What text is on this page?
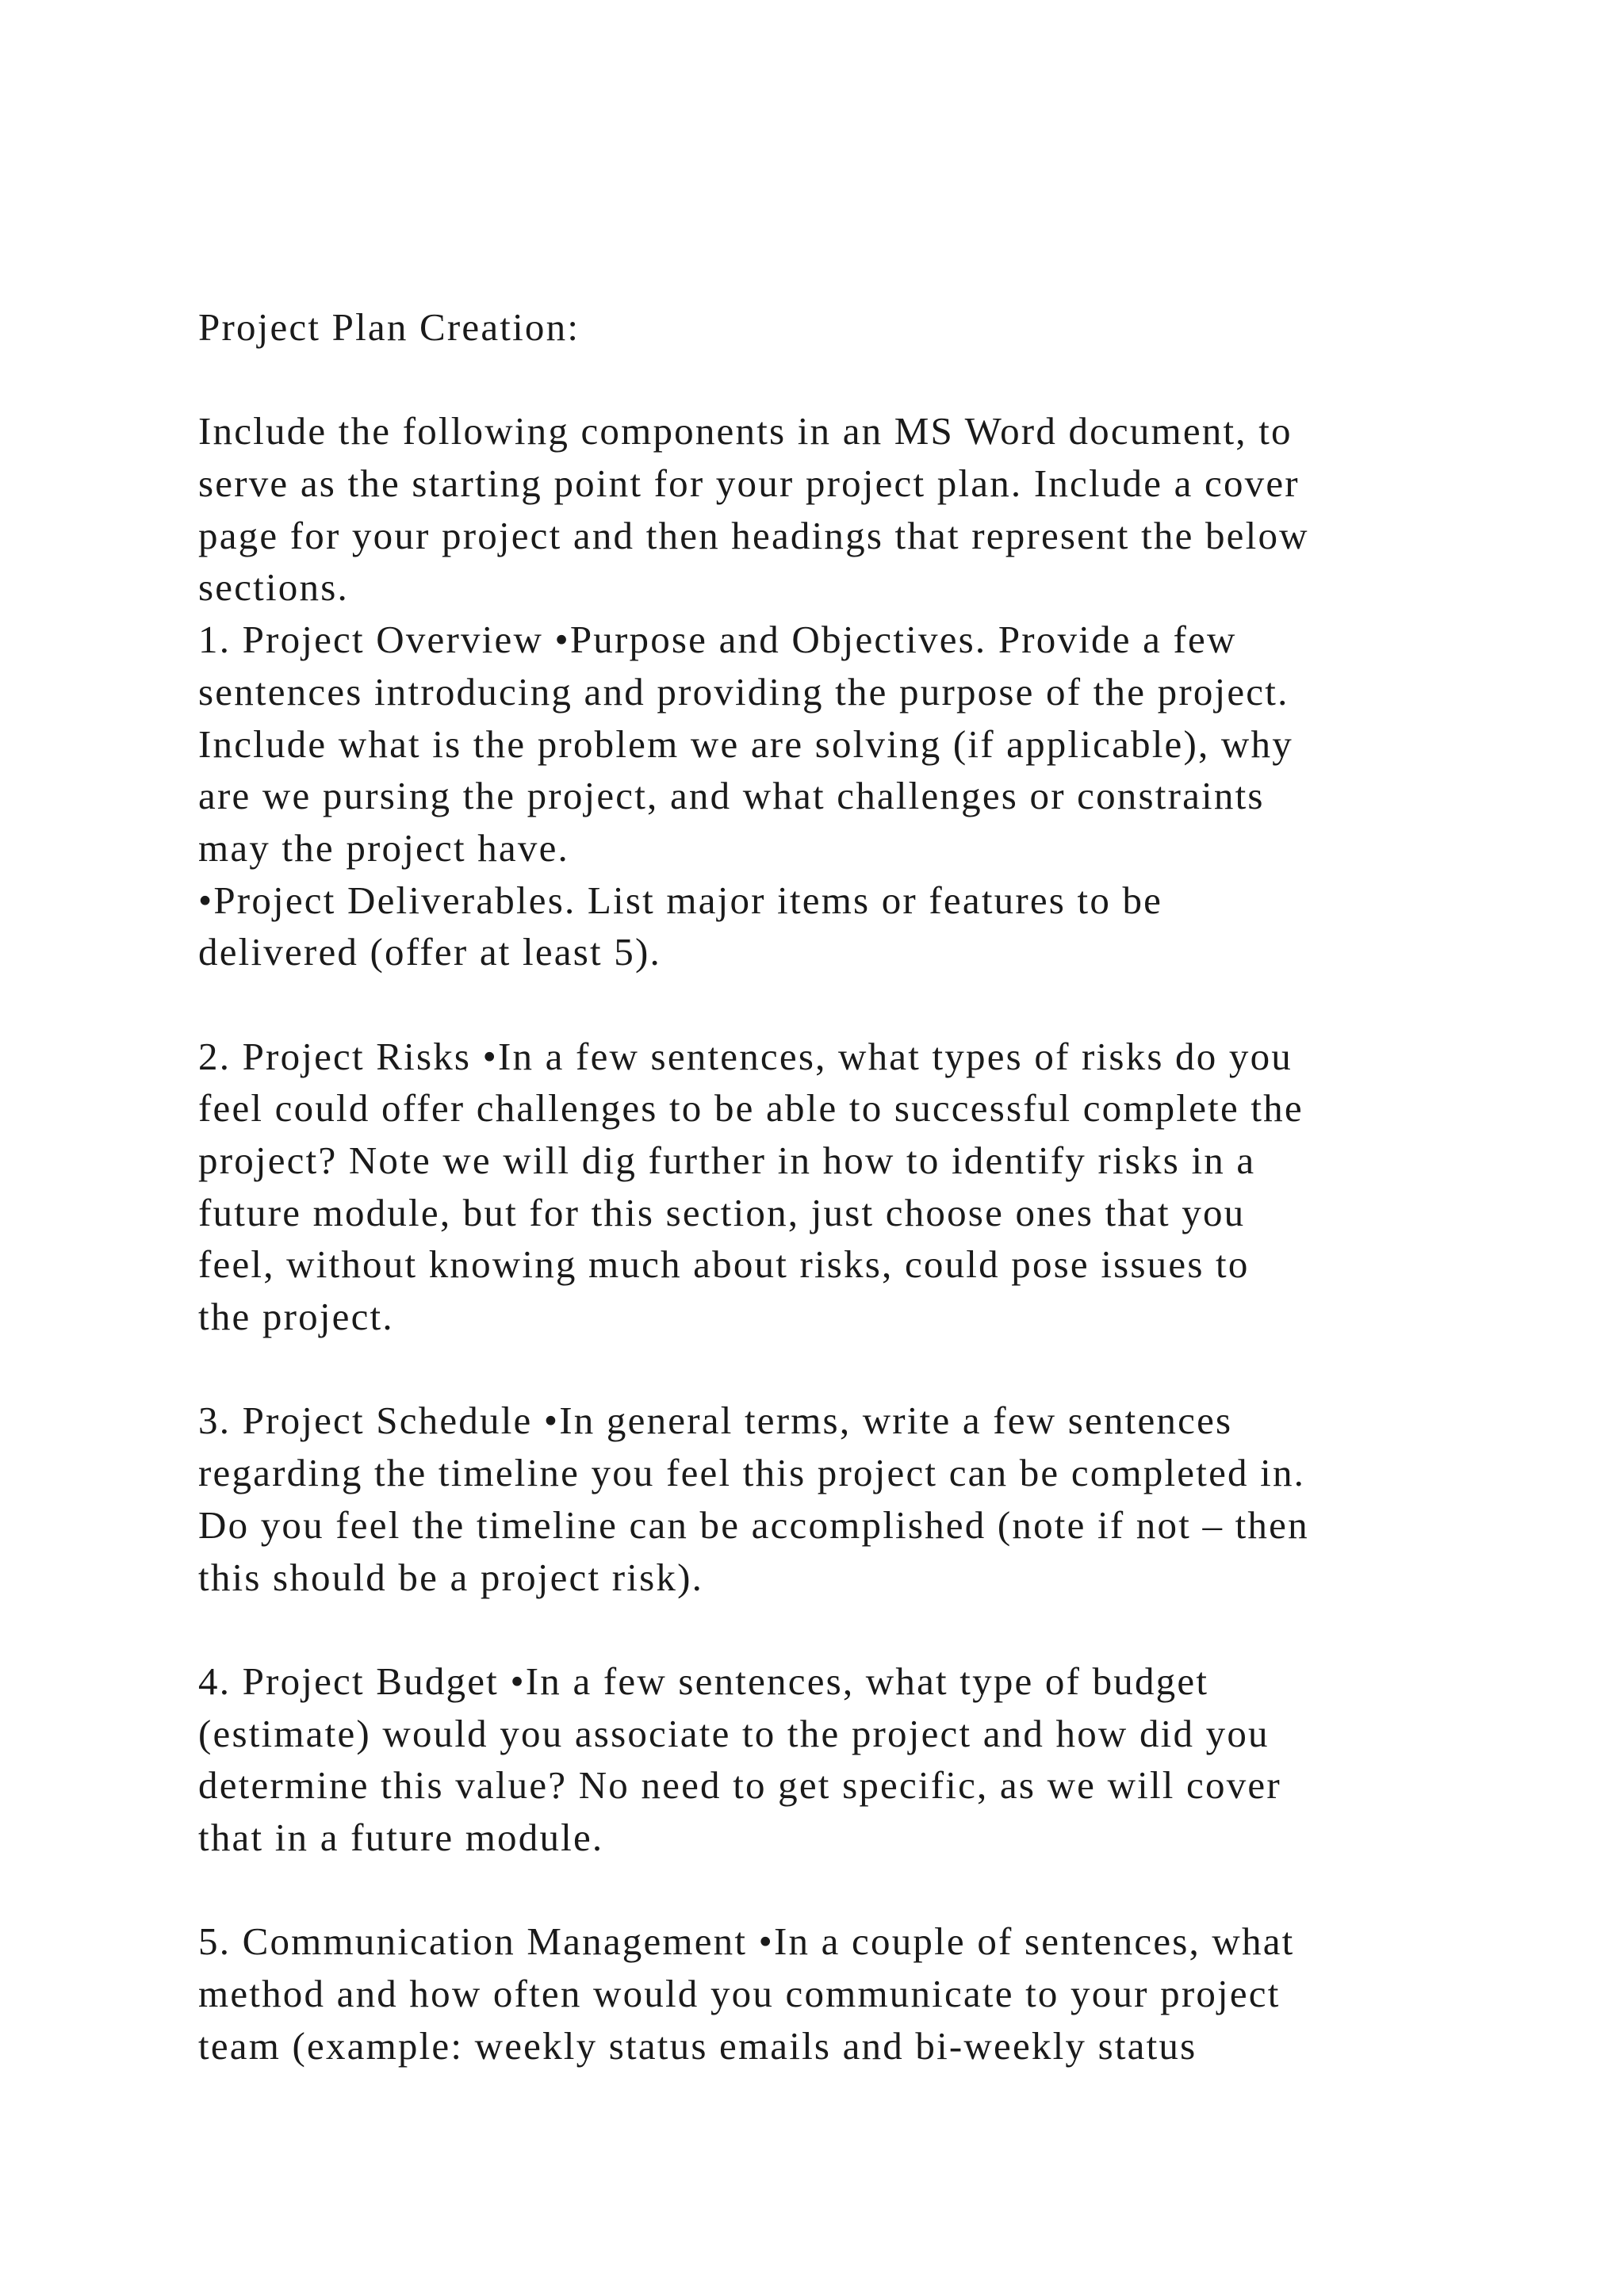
Project Plan Creation:
Include the following components in an MS Word document, to
serve as the starting point for your project plan. Include a cover
page for your project and then headings that represent the below
sections.
1. Project Overview •Purpose and Objectives. Provide a few
sentences introducing and providing the purpose of the project.
Include what is the problem we are solving (if applicable), why
are we pursing the project, and what challenges or constraints
may the project have.
•Project Deliverables. List major items or features to be
delivered (offer at least 5).
2. Project Risks •In a few sentences, what types of risks do you
feel could offer challenges to be able to successful complete the
project? Note we will dig further in how to identify risks in a
future module, but for this section, just choose ones that you
feel, without knowing much about risks, could pose issues to
the project.
3. Project Schedule •In general terms, write a few sentences
regarding the timeline you feel this project can be completed in.
Do you feel the timeline can be accomplished (note if not – then
this should be a project risk).
4. Project Budget •In a few sentences, what type of budget
(estimate) would you associate to the project and how did you
determine this value? No need to get specific, as we will cover
that in a future module.
5. Communication Management •In a couple of sentences, what
method and how often would you communicate to your project
team (example: weekly status emails and bi-weekly status
